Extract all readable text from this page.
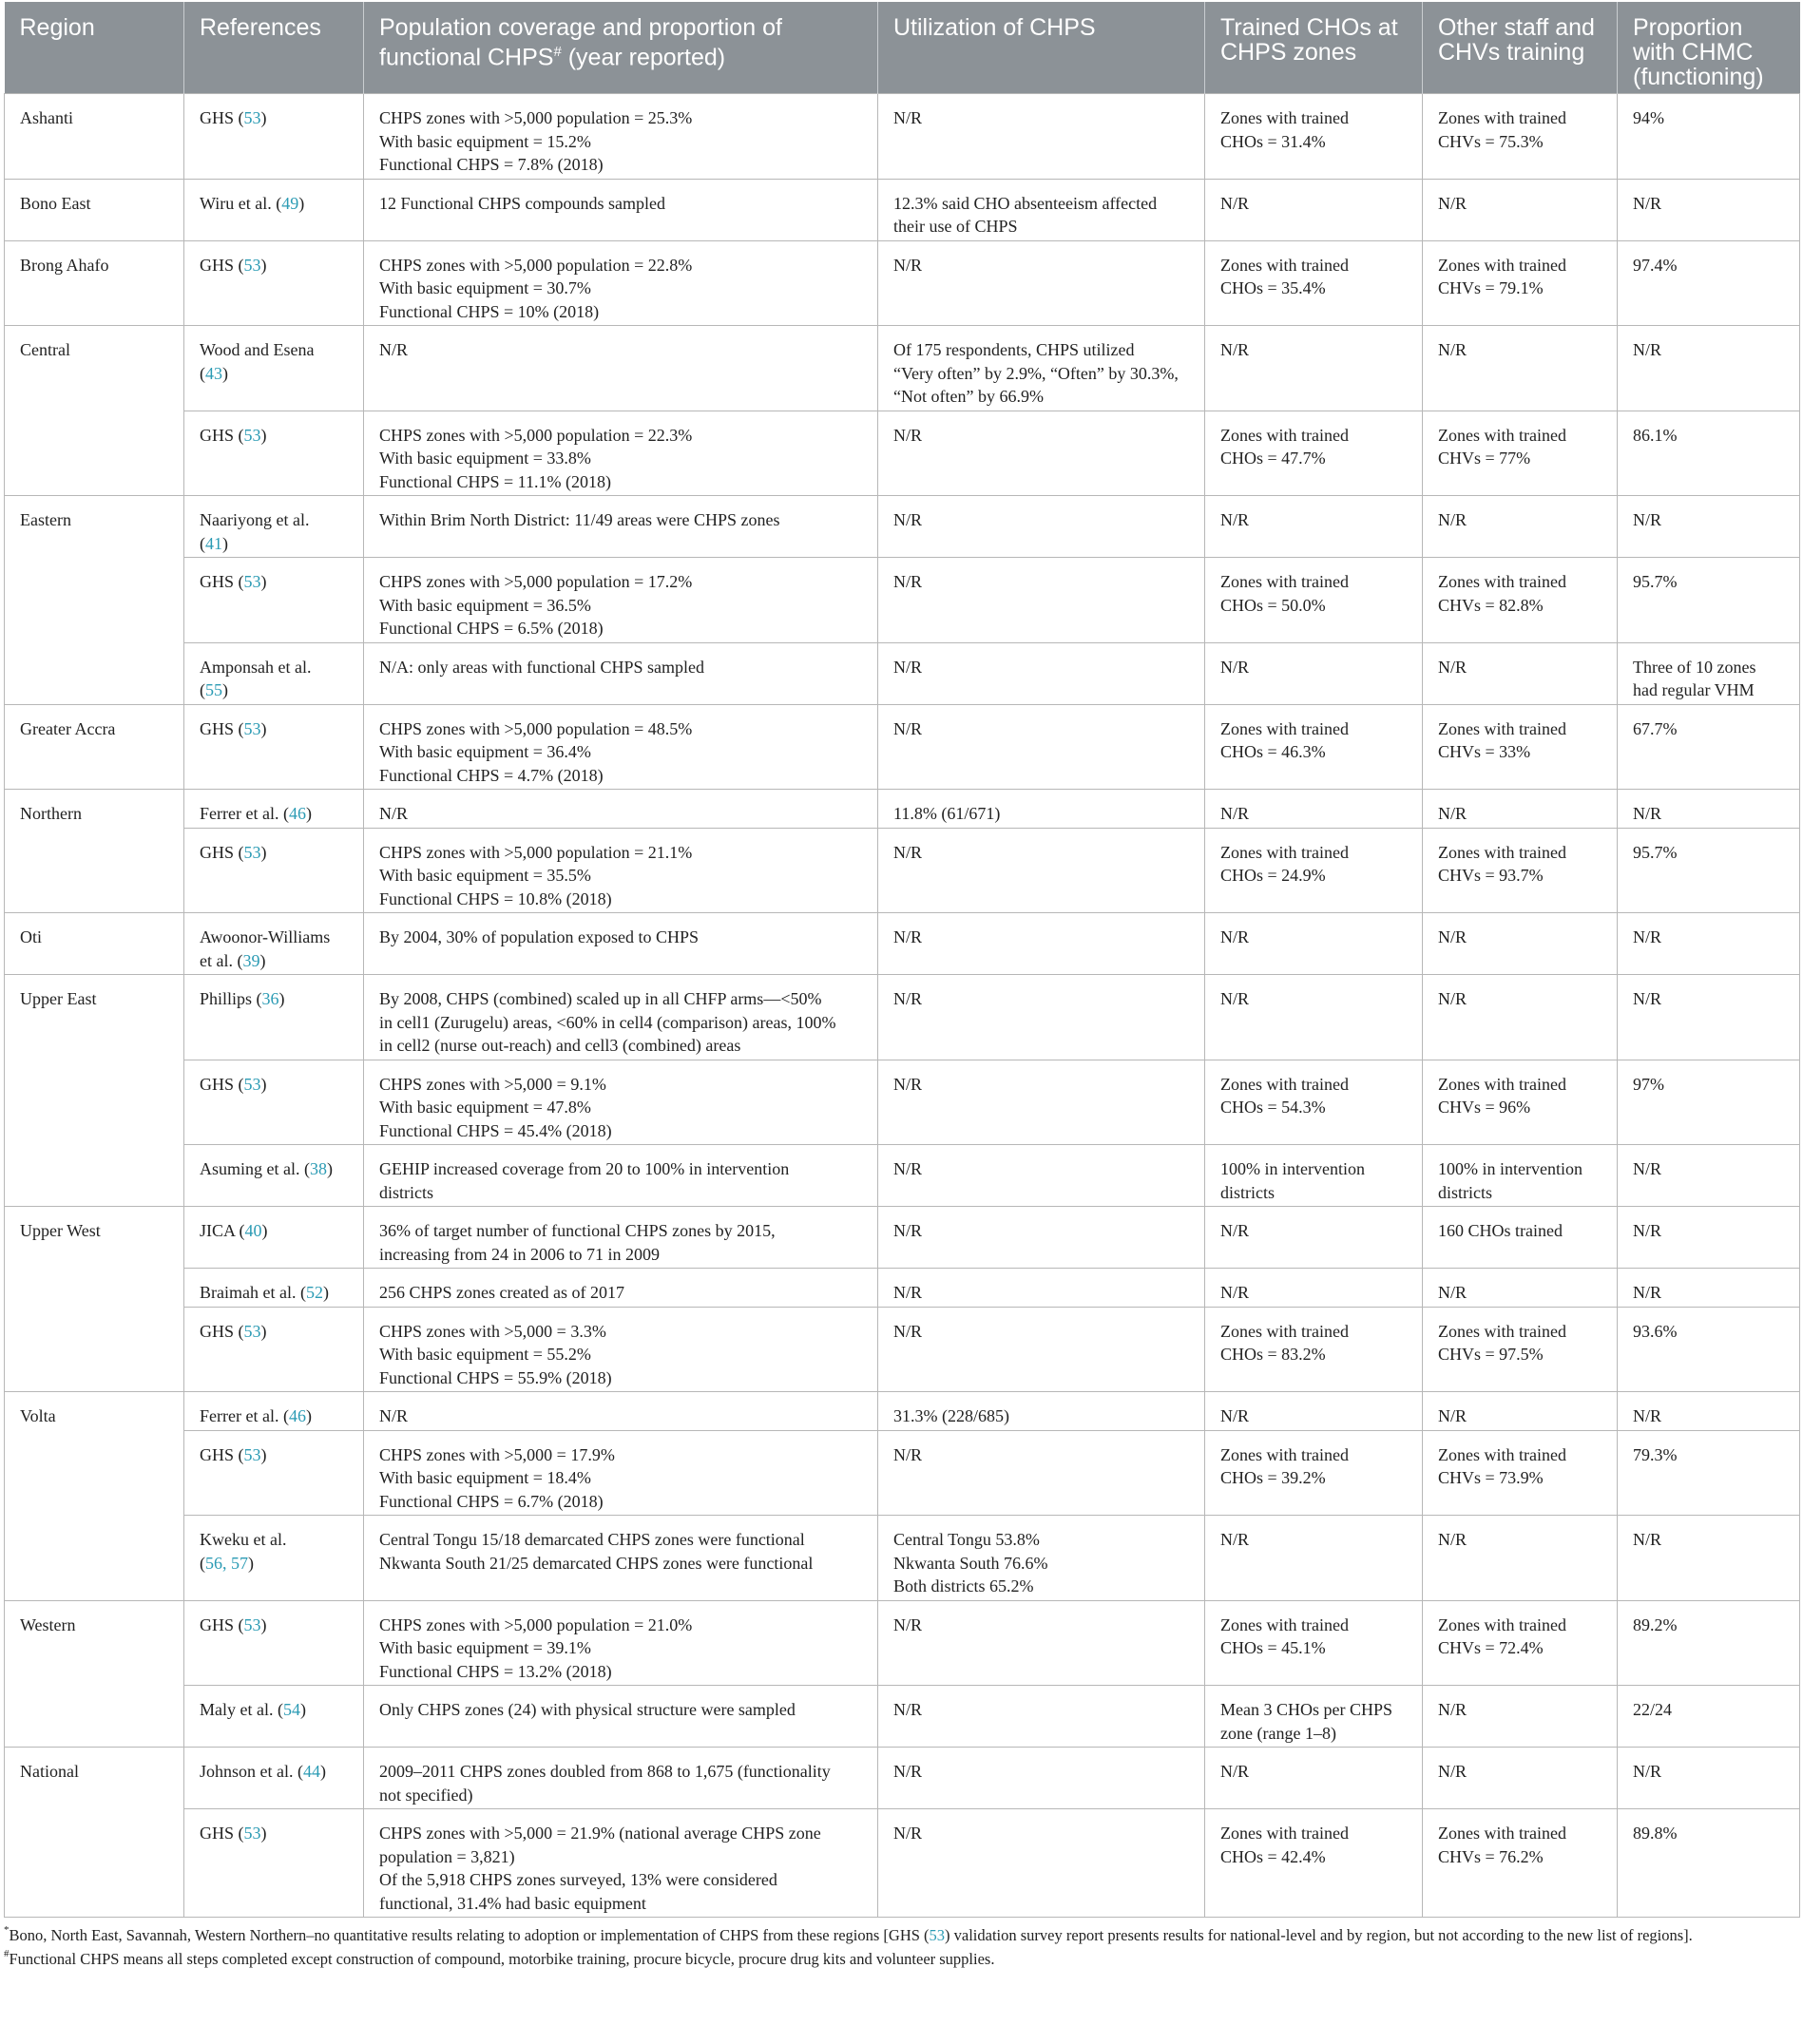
Region	References	Population coverage and proportion of functional CHPS# (year reported)	Utilization of CHPS	Trained CHOs at CHPS zones	Other staff and CHVs training	Proportion with CHMC (functioning)
Ashanti	GHS (53)	CHPS zones with >5,000 population = 25.3%
With basic equipment = 15.2%
Functional CHPS = 7.8% (2018)	N/R	Zones with trained
CHOs = 31.4%	Zones with trained
CHVs = 75.3%	94%
Bono East	Wiru et al. (49)	12 Functional CHPS compounds sampled	12.3% said CHO absenteeism affected
their use of CHPS	N/R	N/R	N/R
Brong Ahafo	GHS (53)	CHPS zones with >5,000 population = 22.8%
With basic equipment = 30.7%
Functional CHPS = 10% (2018)	N/R	Zones with trained
CHOs = 35.4%	Zones with trained
CHVs = 79.1%	97.4%
Central	Wood and Esena
(43)	N/R	Of 175 respondents, CHPS utilized
“Very often” by 2.9%, “Often” by 30.3%,
“Not often” by 66.9%	N/R	N/R	N/R
	GHS (53)	CHPS zones with >5,000 population = 22.3%
With basic equipment = 33.8%
Functional CHPS = 11.1% (2018)	N/R	Zones with trained
CHOs = 47.7%	Zones with trained
CHVs = 77%	86.1%
Eastern	Naariyong et al.
(41)	Within Brim North District: 11/49 areas were CHPS zones	N/R	N/R	N/R	N/R
	GHS (53)	CHPS zones with >5,000 population = 17.2%
With basic equipment = 36.5%
Functional CHPS = 6.5% (2018)	N/R	Zones with trained
CHOs = 50.0%	Zones with trained
CHVs = 82.8%	95.7%
	Amponsah et al.
(55)	N/A: only areas with functional CHPS sampled	N/R	N/R	N/R	Three of 10 zones
had regular VHM
Greater Accra	GHS (53)	CHPS zones with >5,000 population = 48.5%
With basic equipment = 36.4%
Functional CHPS = 4.7% (2018)	N/R	Zones with trained
CHOs = 46.3%	Zones with trained
CHVs = 33%	67.7%
Northern	Ferrer et al. (46)	N/R	11.8% (61/671)	N/R	N/R	N/R
	GHS (53)	CHPS zones with >5,000 population = 21.1%
With basic equipment = 35.5%
Functional CHPS = 10.8% (2018)	N/R	Zones with trained
CHOs = 24.9%	Zones with trained
CHVs = 93.7%	95.7%
Oti	Awoonor-Williams
et al. (39)	By 2004, 30% of population exposed to CHPS	N/R	N/R	N/R	N/R
Upper East	Phillips (36)	By 2008, CHPS (combined) scaled up in all CHFP arms—<50%
in cell1 (Zurugelu) areas, <60% in cell4 (comparison) areas, 100%
in cell2 (nurse out-reach) and cell3 (combined) areas	N/R	N/R	N/R	N/R
	GHS (53)	CHPS zones with >5,000 = 9.1%
With basic equipment = 47.8%
Functional CHPS = 45.4% (2018)	N/R	Zones with trained
CHOs = 54.3%	Zones with trained
CHVs = 96%	97%
	Asuming et al. (38)	GEHIP increased coverage from 20 to 100% in intervention
districts	N/R	100% in intervention
districts	100% in intervention
districts	N/R
Upper West	JICA (40)	36% of target number of functional CHPS zones by 2015,
increasing from 24 in 2006 to 71 in 2009	N/R	N/R	160 CHOs trained	N/R
	Braimah et al. (52)	256 CHPS zones created as of 2017	N/R	N/R	N/R	N/R
	GHS (53)	CHPS zones with >5,000 = 3.3%
With basic equipment = 55.2%
Functional CHPS = 55.9% (2018)	N/R	Zones with trained
CHOs = 83.2%	Zones with trained
CHVs = 97.5%	93.6%
Volta	Ferrer et al. (46)	N/R	31.3% (228/685)	N/R	N/R	N/R
	GHS (53)	CHPS zones with >5,000 = 17.9%
With basic equipment = 18.4%
Functional CHPS = 6.7% (2018)	N/R	Zones with trained
CHOs = 39.2%	Zones with trained
CHVs = 73.9%	79.3%
	Kweku et al.
(56, 57)	Central Tongu 15/18 demarcated CHPS zones were functional
Nkwanta South 21/25 demarcated CHPS zones were functional	Central Tongu 53.8%
Nkwanta South 76.6%
Both districts 65.2%	N/R	N/R	N/R
Western	GHS (53)	CHPS zones with >5,000 population = 21.0%
With basic equipment = 39.1%
Functional CHPS = 13.2% (2018)	N/R	Zones with trained
CHOs = 45.1%	Zones with trained
CHVs = 72.4%	89.2%
	Maly et al. (54)	Only CHPS zones (24) with physical structure were sampled	N/R	Mean 3 CHOs per CHPS
zone (range 1–8)	N/R	22/24
National	Johnson et al. (44)	2009–2011 CHPS zones doubled from 868 to 1,675 (functionality
not specified)	N/R	N/R	N/R	N/R
	GHS (53)	CHPS zones with >5,000 = 21.9% (national average CHPS zone
population = 3,821)
Of the 5,918 CHPS zones surveyed, 13% were considered
functional, 31.4% had basic equipment	N/R	Zones with trained
CHOs = 42.4%	Zones with trained
CHVs = 76.2%	89.8%

*Bono, North East, Savannah, Western Northern–no quantitative results relating to adoption or implementation of CHPS from these regions [GHS (53) validation survey report presents results for national-level and by region, but not according to the new list of regions].

#Functional CHPS means all steps completed except construction of compound, motorbike training, procure bicycle, procure drug kits and volunteer supplies.
